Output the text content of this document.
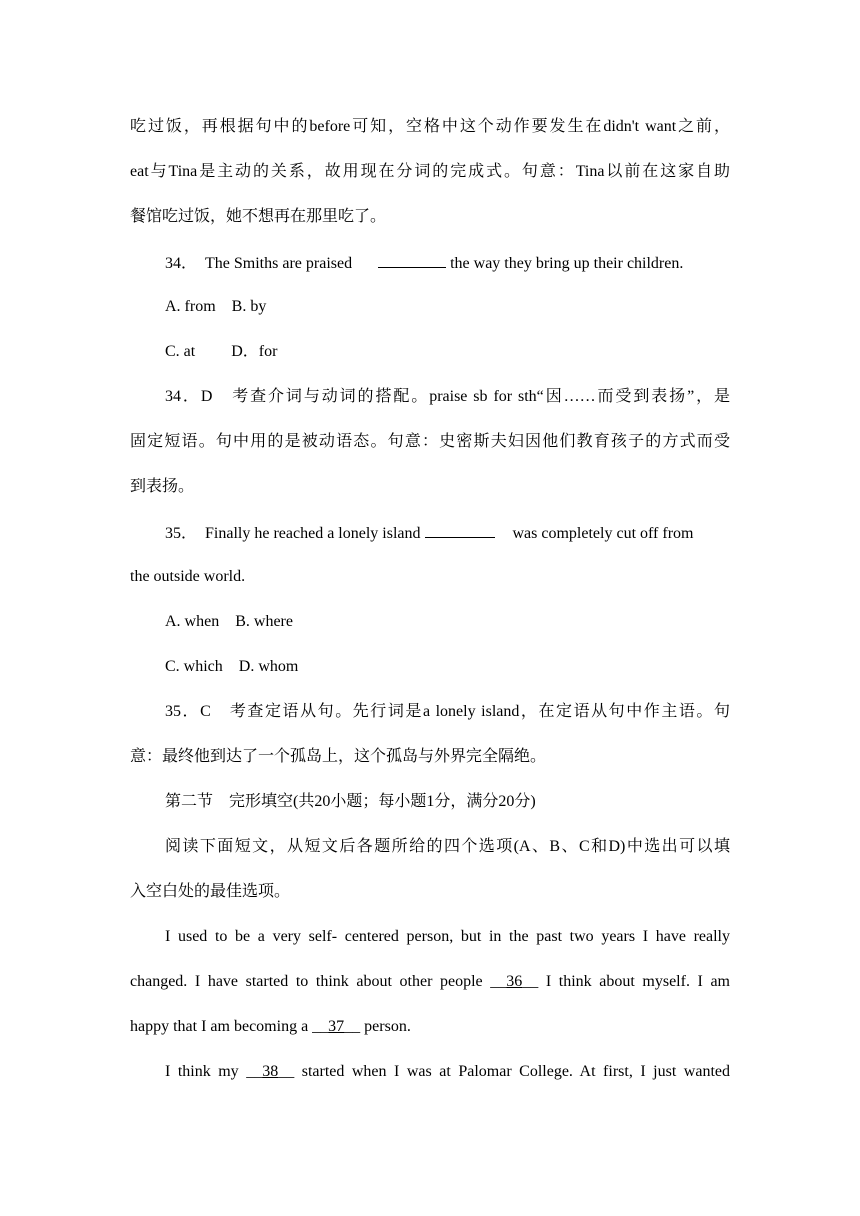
吃过饭，再根据句中的before可知，空格中这个动作要发生在didn't want之前，
eat与Tina是主动的关系，故用现在分词的完成式。句意：Tina以前在这家自助
餐馆吃过饭，她不想再在那里吃了。
34． The Smiths are praised	the way they bring up their children.
A. from　B. by
C. at　　 D．for
34．D　考查介词与动词的搭配。praise sb for sth“因……而受到表扬”，是
固定短语。句中用的是被动语态。句意：史密斯夫妇因他们教育孩子的方式而受
到表扬。
35． Finally he reached a lonely island	was completely cut off from
the outside world.
A. when　B. where
C. which　D. whom
35．C　考查定语从句。先行词是a lonely island，在定语从句中作主语。句
意：最终他到达了一个孤岛上，这个孤岛与外界完全隔绝。
第二节　完形填空(共20小题；每小题1分，满分20分)
阅读下面短文，从短文后各题所给的四个选项(A、B、C和D)中选出可以填
入空白处的最佳选项。
I used to be a very self- centered person, but in the past two years I have really
changed. I have started to think about other people __36__ I think about myself. I am
happy that I am becoming a __37__ person.
I think my __38__ started when I was at Palomar College. At first, I just wanted
